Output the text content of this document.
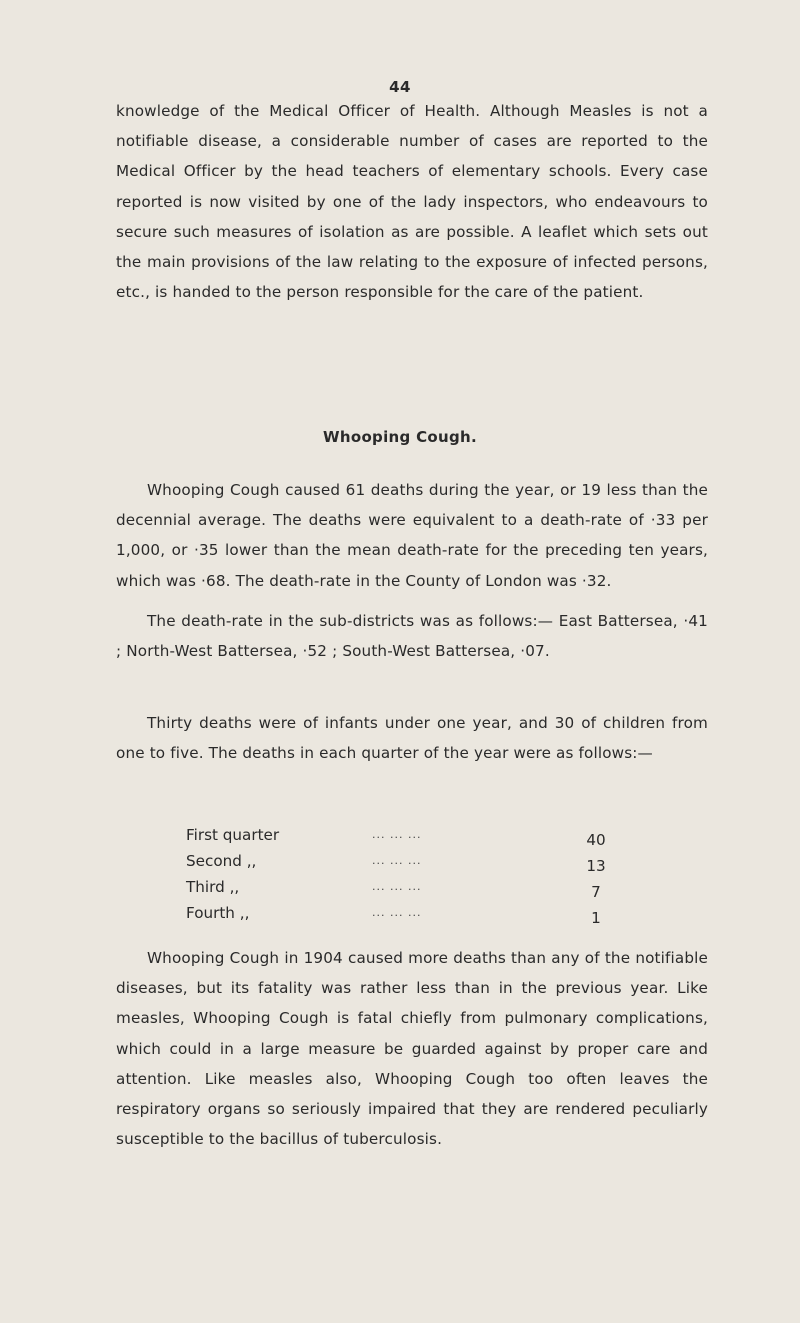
44

knowledge of the Medical Officer of Health. Although Measles is not a notifiable disease, a considerable number of cases are reported to the Medical Officer by the head teachers of elementary schools. Every case reported is now visited by one of the lady inspectors, who endeavours to secure such measures of isolation as are possible. A leaflet which sets out the main provisions of the law relating to the exposure of infected persons, etc., is handed to the person responsible for the care of the patient.

Whooping Cough.

Whooping Cough caused 61 deaths during the year, or 19 less than the decennial average. The deaths were equivalent to a death-rate of ·33 per 1,000, or ·35 lower than the mean death-rate for the preceding ten years, which was ·68. The death-rate in the County of London was ·32.

The death-rate in the sub-districts was as follows:— East Battersea, ·41 ; North-West Battersea, ·52 ; South-West Battersea, ·07.

Thirty deaths were of infants under one year, and 30 of children from one to five. The deaths in each quarter of the year were as follows:—

First quarter	... ... ...	40
Second ,,	... ... ...	13
Third ,,	... ... ...	7
Fourth ,,	... ... ...	1

Whooping Cough in 1904 caused more deaths than any of the notifiable diseases, but its fatality was rather less than in the previous year. Like measles, Whooping Cough is fatal chiefly from pulmonary complications, which could in a large measure be guarded against by proper care and attention. Like measles also, Whooping Cough too often leaves the respiratory organs so seriously impaired that they are rendered peculiarly susceptible to the bacillus of tuberculosis.
